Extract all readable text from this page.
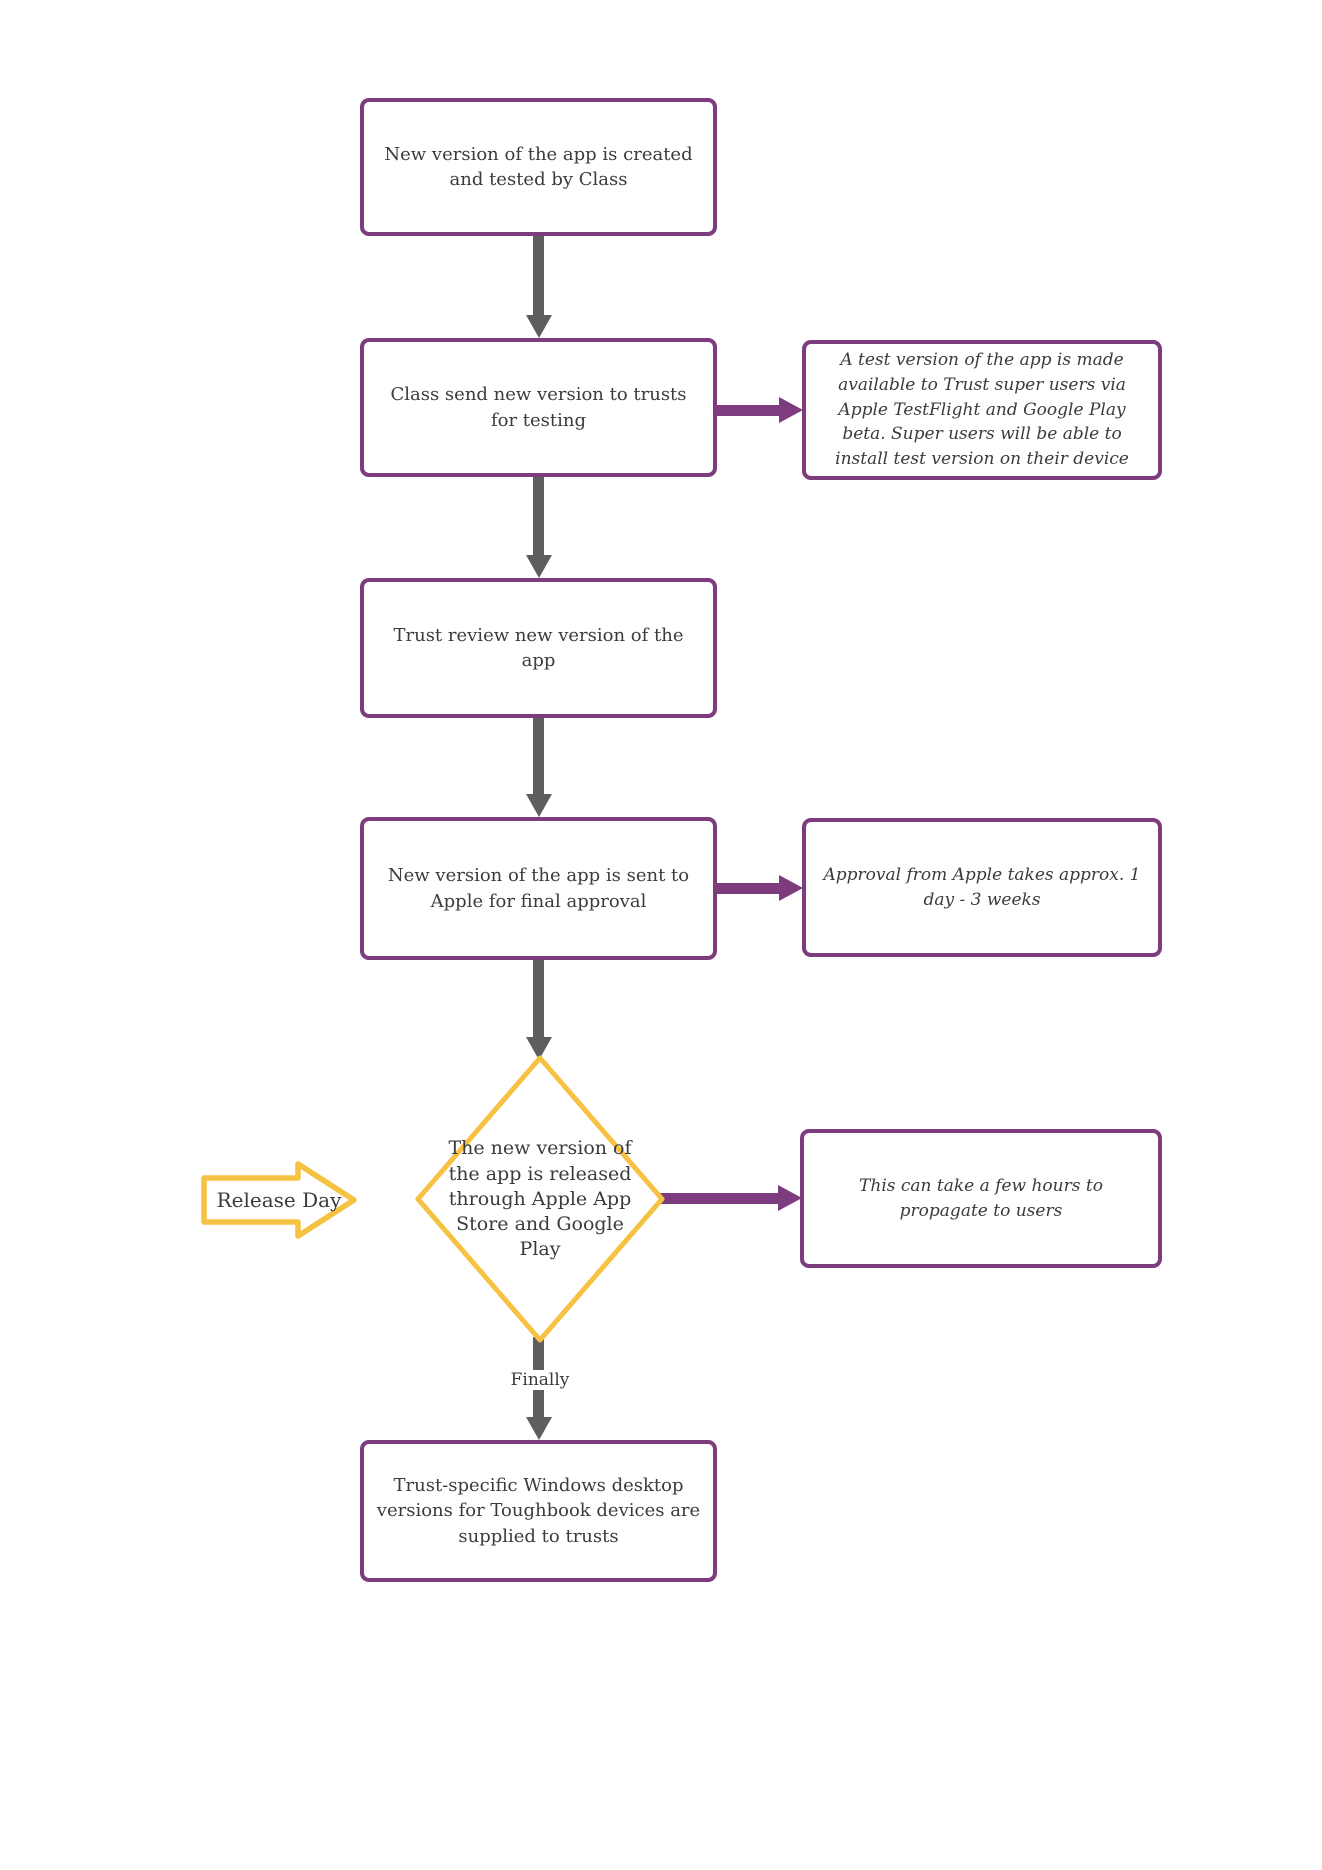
New version of the app is created and tested by Class
Class send new version to trusts for testing
Trust review new version of the app
New version of the app is sent to Apple for final approval
Trust-specific Windows desktop versions for Toughbook devices are supplied to trusts
A test version of the app is made available to Trust super users via Apple TestFlight and Google Play beta. Super users will be able to install test version on their device
Approval from Apple takes approx. 1 day - 3 weeks
This can take a few hours to propagate to users
The new version of the app is released through Apple App Store and Google Play
Release Day
Finally
